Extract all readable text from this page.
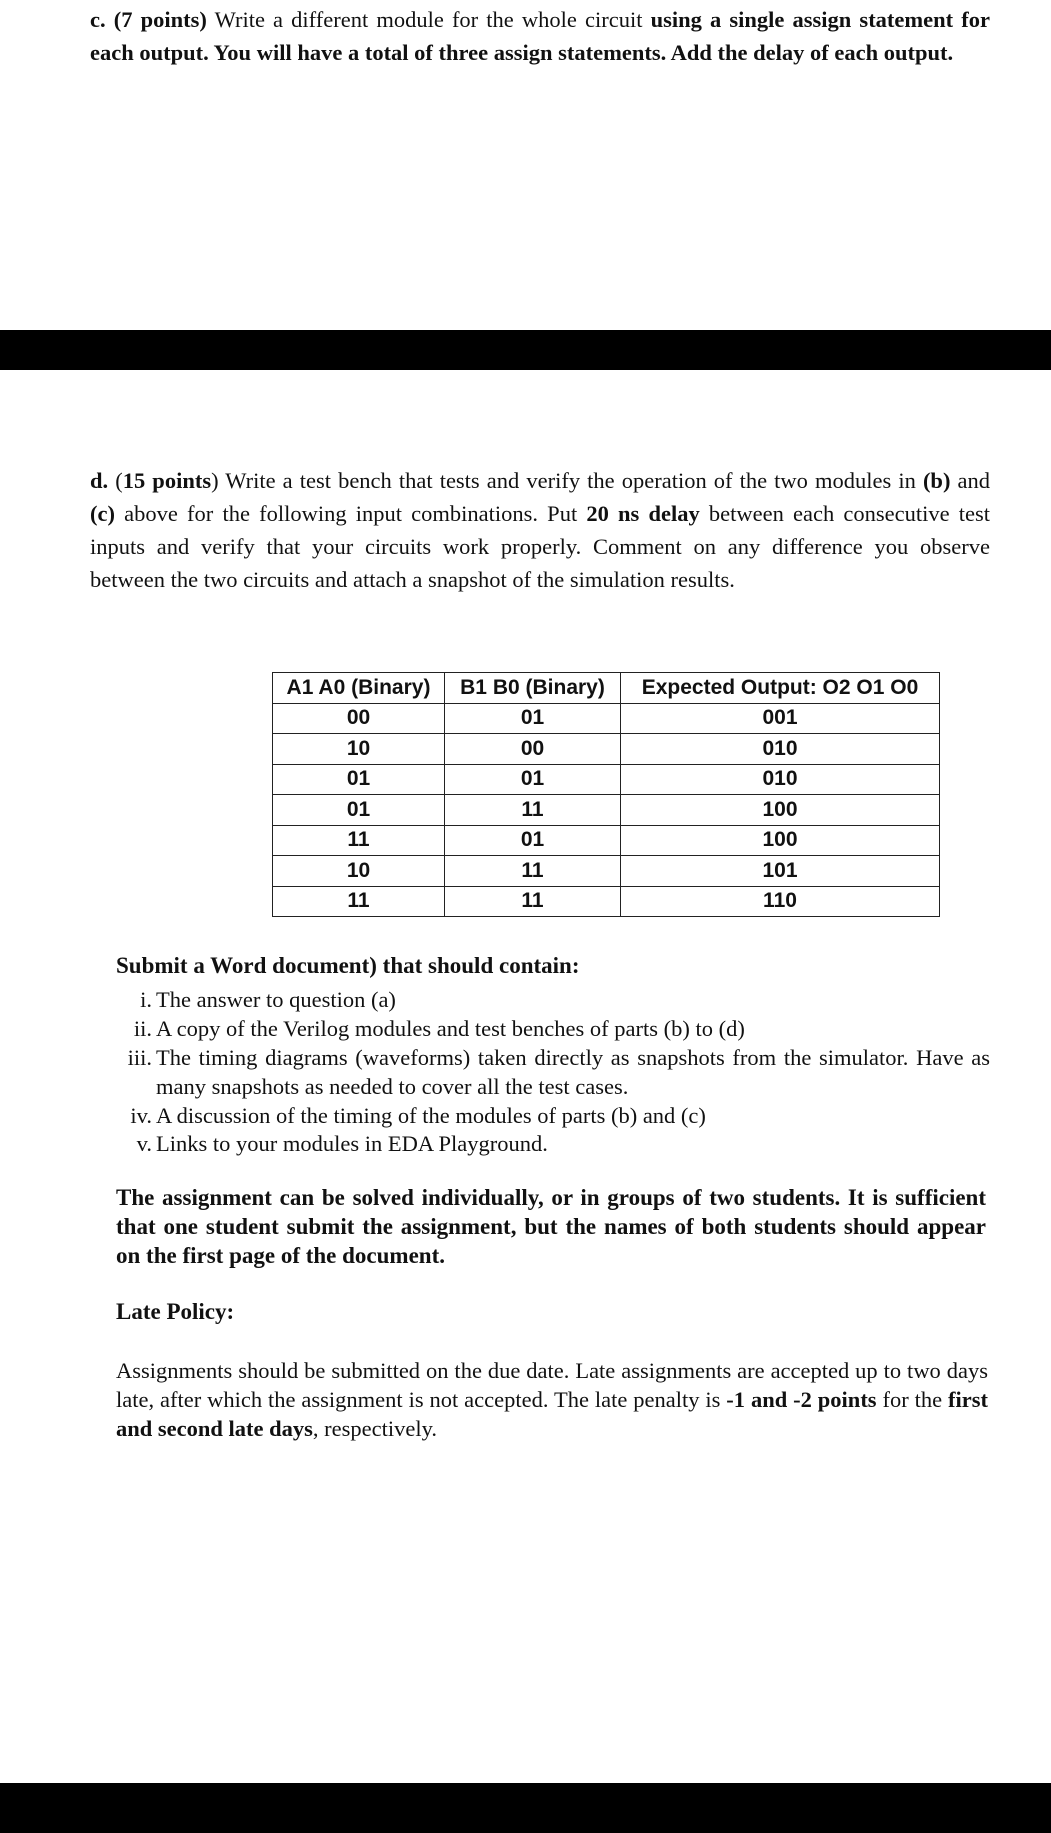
c. (7 points) Write a different module for the whole circuit using a single assign statement for each output. You will have a total of three assign statements. Add the delay of each output.
d. (15 points) Write a test bench that tests and verify the operation of the two modules in (b) and (c) above for the following input combinations. Put 20 ns delay between each consecutive test inputs and verify that your circuits work properly. Comment on any difference you observe between the two circuits and attach a snapshot of the simulation results.
A1 A0 (Binary)	B1 B0 (Binary)	Expected Output: O2 O1 O0
00	01	001
10	00	010
01	01	010
01	11	100
11	01	100
10	11	101
11	11	110
Submit a Word document) that should contain:
i. The answer to question (a)
ii. A copy of the Verilog modules and test benches of parts (b) to (d)
iii. The timing diagrams (waveforms) taken directly as snapshots from the simulator. Have as many snapshots as needed to cover all the test cases.
iv. A discussion of the timing of the modules of parts (b) and (c)
v. Links to your modules in EDA Playground.
The assignment can be solved individually, or in groups of two students. It is sufficient that one student submit the assignment, but the names of both students should appear on the first page of the document.
Late Policy:
Assignments should be submitted on the due date. Late assignments are accepted up to two days late, after which the assignment is not accepted. The late penalty is -1 and -2 points for the first and second late days, respectively.
